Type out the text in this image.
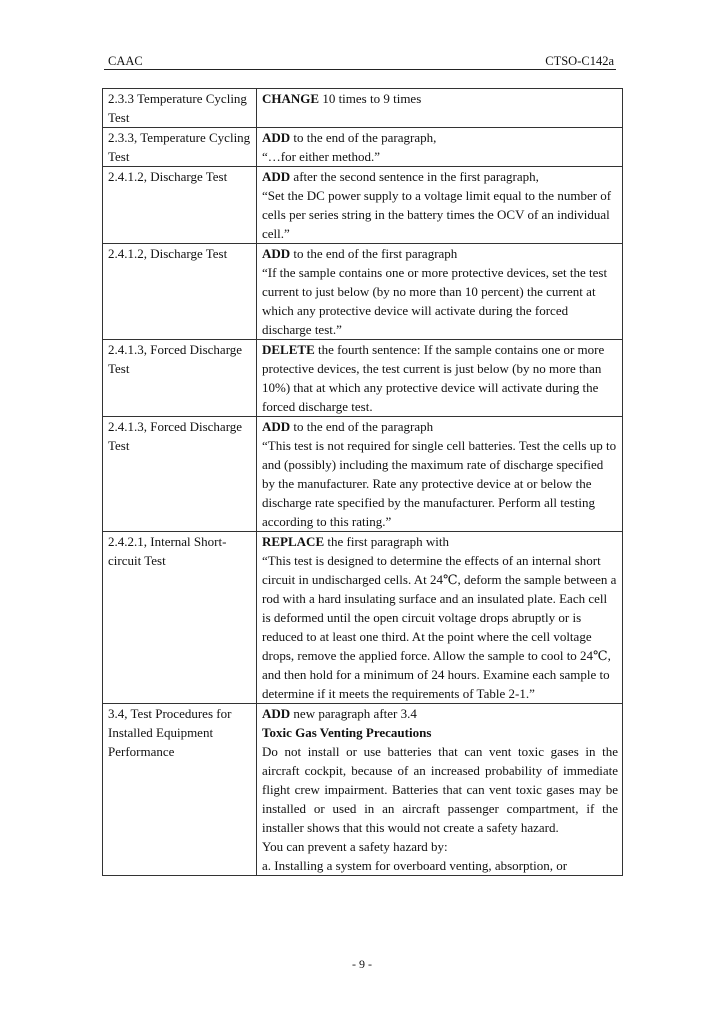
CAAC	CTSO-C142a
2.3.3 Temperature Cycling Test	CHANGE 10 times to 9 times
2.3.3, Temperature Cycling Test	ADD to the end of the paragraph,
“…for either method.”

2.4.1.2, Discharge Test	ADD after the second sentence in the first paragraph,
“Set the DC power supply to a voltage limit equal to the number of cells per series string in the battery times the OCV of an individual cell.”

2.4.1.2, Discharge Test	ADD to the end of the first paragraph
“If the sample contains one or more protective devices, set the test current to just below (by no more than 10 percent) the current at which any protective device will activate during the forced discharge test.”

2.4.1.3, Forced Discharge Test	DELETE the fourth sentence: If the sample contains one or more protective devices, the test current is just below (by no more than 10%) that at which any protective device will activate during the forced discharge test.
2.4.1.3, Forced Discharge Test	ADD to the end of the paragraph
“This test is not required for single cell batteries. Test the cells up to and (possibly) including the maximum rate of discharge specified by the manufacturer. Rate any protective device at or below the discharge rate specified by the manufacturer. Perform all testing according to this rating.”

2.4.2.1, Internal Short-circuit Test	REPLACE the first paragraph with
“This test is designed to determine the effects of an internal short circuit in undischarged cells. At 24℃, deform the sample between a rod with a hard insulating surface and an insulated plate. Each cell is deformed until the open circuit voltage drops abruptly or is reduced to at least one third. At the point where the cell voltage drops, remove the applied force. Allow the sample to cool to 24℃, and then hold for a minimum of 24 hours. Examine each sample to determine if it meets the requirements of Table 2-1.”

3.4, Test Procedures for Installed Equipment Performance	ADD new paragraph after 3.4
Toxic Gas Venting Precautions
Do not install or use batteries that can vent toxic gases in the aircraft cockpit, because of an increased probability of immediate flight crew impairment. Batteries that can vent toxic gases may be installed or used in an aircraft passenger compartment, if the installer shows that this would not create a safety hazard.
You can prevent a safety hazard by:
a. Installing a system for overboard venting, absorption, or
- 9 -
